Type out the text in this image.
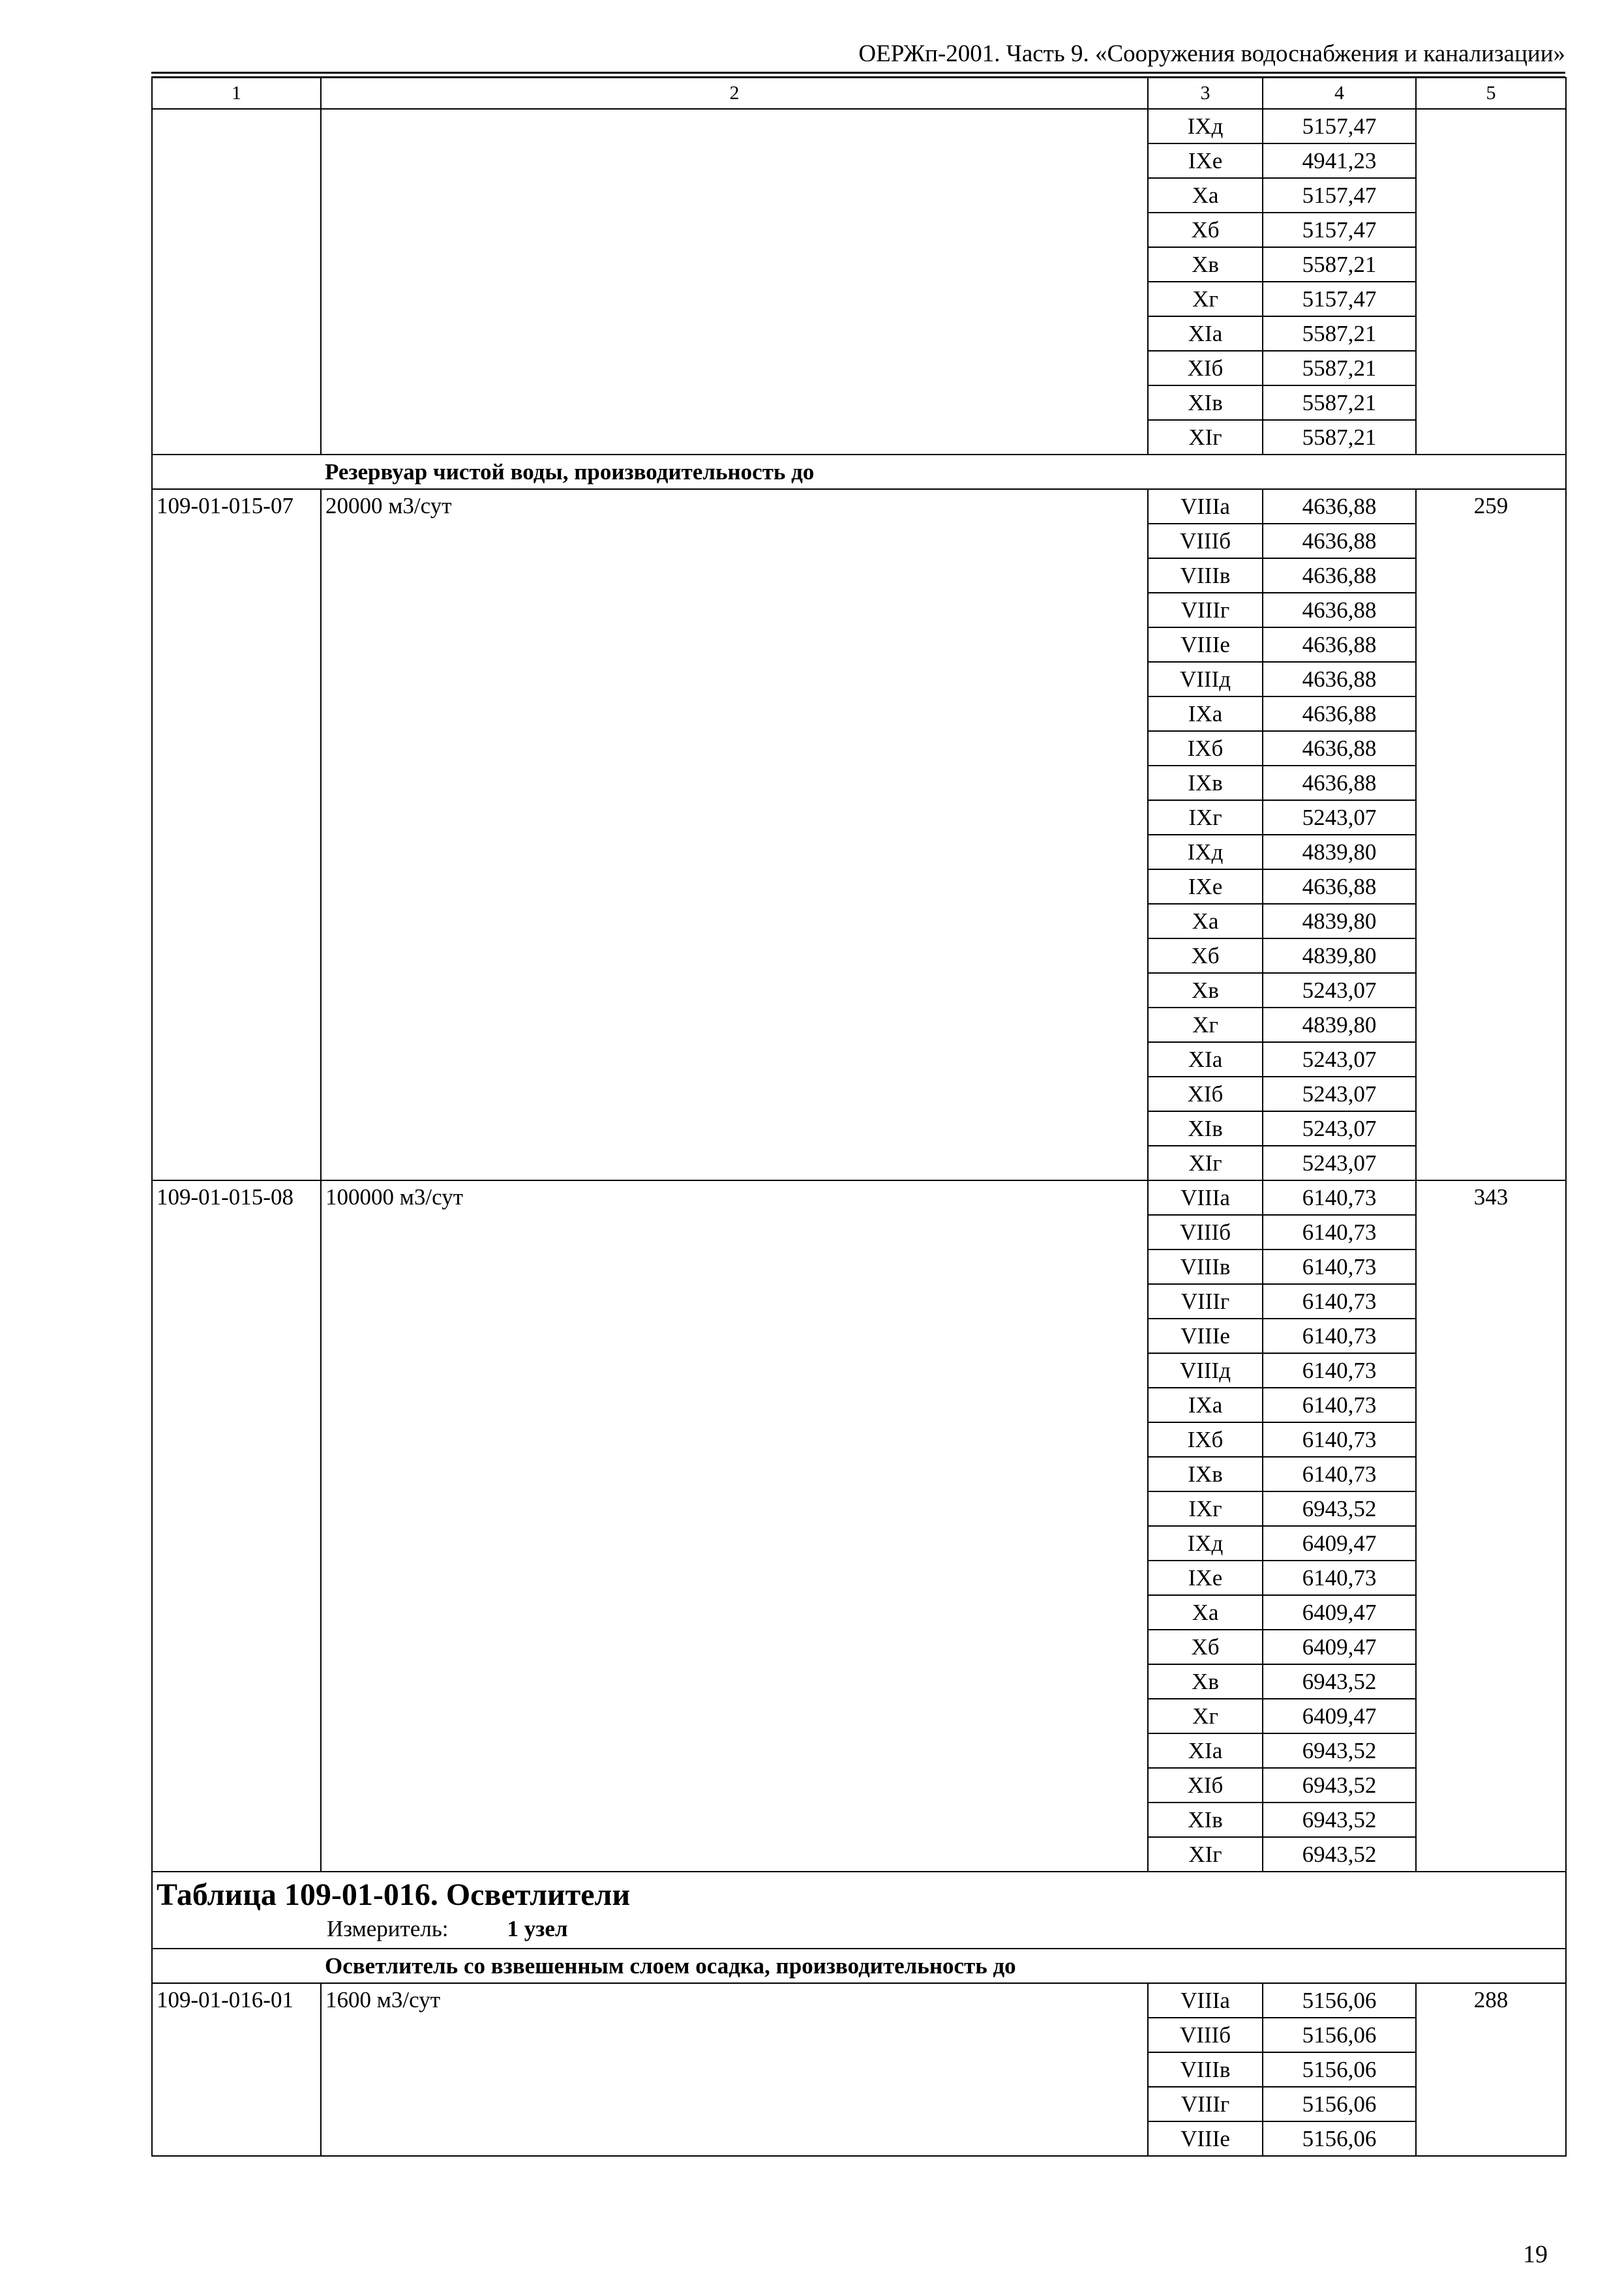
ОЕРЖп-2001. Часть 9. «Сооружения водоснабжения и канализации»
1	2	3	4	5
		IXд	5157,47	
		IXе	4941,23	
		Xа	5157,47	
		Xб	5157,47	
		Xв	5587,21	
		Xг	5157,47	
		XIа	5587,21	
		XIб	5587,21	
		XIв	5587,21	
		XIг	5587,21	
	Резервуар чистой воды, производительность до			
109-01-015-07	20000 м3/сут	VIIIа	4636,88	259
		VIIIб	4636,88	
		VIIIв	4636,88	
		VIIIг	4636,88	
		VIIIе	4636,88	
		VIIIд	4636,88	
		IXа	4636,88	
		IXб	4636,88	
		IXв	4636,88	
		IXг	5243,07	
		IXд	4839,80	
		IXе	4636,88	
		Xа	4839,80	
		Xб	4839,80	
		Xв	5243,07	
		Xг	4839,80	
		XIа	5243,07	
		XIб	5243,07	
		XIв	5243,07	
		XIг	5243,07	
109-01-015-08	100000 м3/сут	VIIIа	6140,73	343
		VIIIб	6140,73	
		VIIIв	6140,73	
		VIIIг	6140,73	
		VIIIе	6140,73	
		VIIIд	6140,73	
		IXа	6140,73	
		IXб	6140,73	
		IXв	6140,73	
		IXг	6943,52	
		IXд	6409,47	
		IXе	6140,73	
		Xа	6409,47	
		Xб	6409,47	
		Xв	6943,52	
		Xг	6409,47	
		XIа	6943,52	
		XIб	6943,52	
		XIв	6943,52	
		XIг	6943,52	

Таблица 109-01-016. Осветлители
Измеритель: 1 узел				

	Осветлитель со взвешенным слоем осадка, производительность до			
109-01-016-01	1600 м3/сут	VIIIа	5156,06	288
		VIIIб	5156,06	
		VIIIв	5156,06	
		VIIIг	5156,06	
		VIIIе	5156,06	
19
